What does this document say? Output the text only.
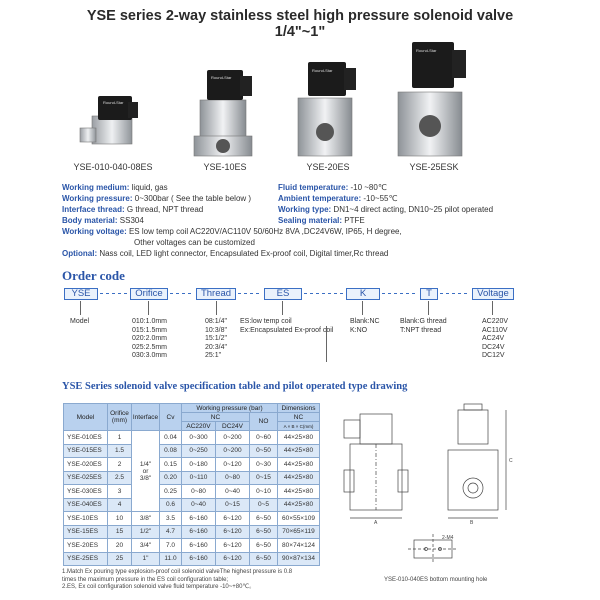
YSE series 2-way stainless steel high pressure solenoid valve 1/4"~1"
Round-Star
YSE-010-040-08ES
Round-Star
YSE-10ES
Round-Star
YSE-20ES
Round-Star
YSE-25ESK
Working medium: liquid, gas
Working pressure: 0~300bar ( See the table below )
Interface thread: G thread, NPT thread
Body material: SS304
Working voltage: ES low temp coil AC220V/AC110V 50/60Hz 8VA ,DC24V6W, IP65, H degree,
Other voltages can be customized
Optional: Nass coil, LED light connector, Encapsulated Ex-proof coil, Digital timer,Rc thread
Fluid temperature: -10 ~80℃
Ambient temperature: -10~55℃
Working type: DN1~4 direct acting, DN10~25 pilot operated
Sealing material: PTFE
Order code
YSE	Orifice	Thread	ES	K	T	Voltage
Model	010:1.0mm
015:1.5mm
020:2.0mm
025:2.5mm
030:3.0mm
08:1/4"
10:3/8"
15:1/2"
20:3/4"
25:1"
ES:low temp coil
Ex:Encapsulated Ex-proof coil
Blank:NC
K:NO
Blank:G thread
T:NPT thread
AC220V
AC110V
AC24V
DC24V
DC12V
YSE Series solenoid valve specification table and pilot operated type drawing
Model	Orifice
(mm)	Interface	Cv	Working pressure (bar)			Dimensions
				NC		NO	NC
				AC220V	DC24V		A × B × C(mm)
YSE-010ES	1	1/4"
or
3/8"	0.04	0~300	0~200	0~60	44×25×80
YSE-015ES	1.5		0.08	0~250	0~200	0~50	44×25×80
YSE-020ES	2		0.15	0~180	0~120	0~30	44×25×80
YSE-025ES	2.5		0.20	0~110	0~80	0~15	44×25×80
YSE-030ES	3		0.25	0~80	0~40	0~10	44×25×80
YSE-040ES	4		0.6	0~40	0~15	0~5	44×25×80
YSE-10ES	10	3/8"	3.5	6~160	6~120	6~50	60×55×109
YSE-15ES	15	1/2"	4.7	6~160	6~120	6~50	70×65×119
YSE-20ES	20	3/4"	7.0	6~160	6~120	6~50	80×74×124
YSE-25ES	25	1"	11.0	6~160	6~120	6~50	90×87×134
1.Match Ex pouring type explosion-proof coil solenoid valveThe highest pressure is 0.8
times the maximum pressure in the ES coil configuration table;
2.ES, Ex coil configuration solenoid valve fluid temperature -10~+80℃。
A	B
C
2-M4
YSE-010-040ES bottom mounting hole
